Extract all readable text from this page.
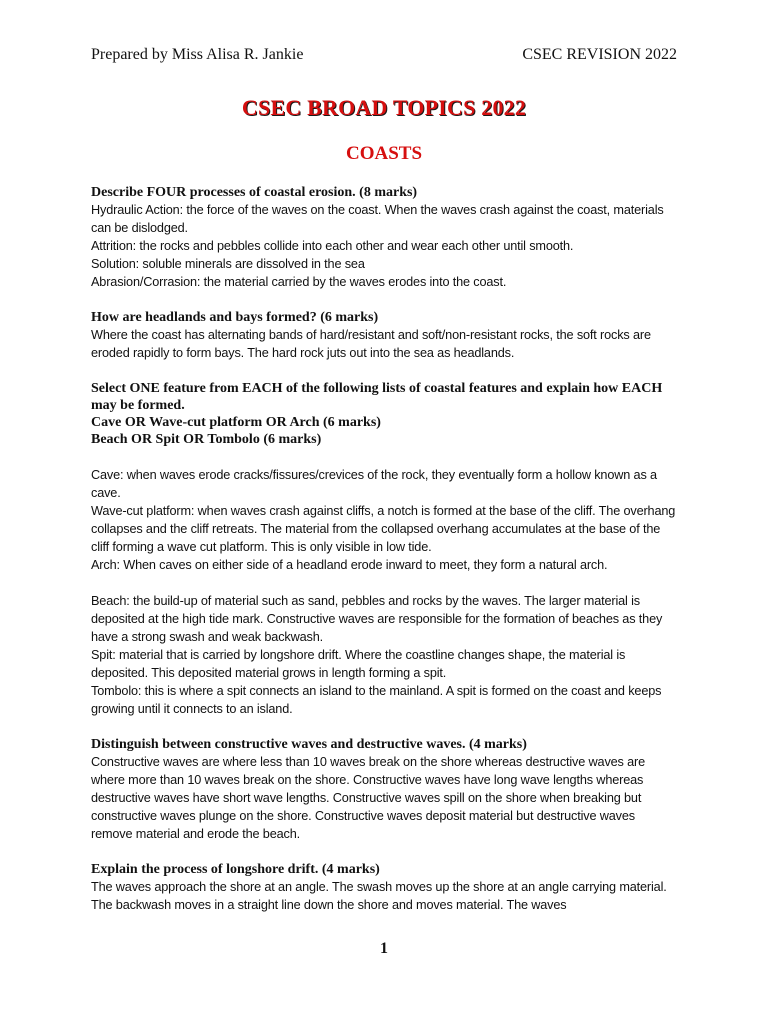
Prepared by Miss Alisa R. Jankie	CSEC REVISION 2022
CSEC BROAD TOPICS 2022
COASTS

Describe FOUR processes of coastal erosion. (8 marks)

Hydraulic Action: the force of the waves on the coast. When the waves crash against the coast, materials can be dislodged.

Attrition: the rocks and pebbles collide into each other and wear each other until smooth.

Solution: soluble minerals are dissolved in the sea

Abrasion/Corrasion: the material carried by the waves erodes into the coast.

How are headlands and bays formed? (6 marks)

Where the coast has alternating bands of hard/resistant and soft/non-resistant rocks, the soft rocks are eroded rapidly to form bays. The hard rock juts out into the sea as headlands.

Select ONE feature from EACH of the following lists of coastal features and explain how EACH may be formed.

Cave OR Wave-cut platform OR Arch (6 marks)

Beach OR Spit OR Tombolo (6 marks)

Cave: when waves erode cracks/fissures/crevices of the rock, they eventually form a hollow known as a cave.

Wave-cut platform: when waves crash against cliffs, a notch is formed at the base of the cliff. The overhang collapses and the cliff retreats. The material from the collapsed overhang accumulates at the base of the cliff forming a wave cut platform. This is only visible in low tide.

Arch: When caves on either side of a headland erode inward to meet, they form a natural arch.

Beach: the build-up of material such as sand, pebbles and rocks by the waves. The larger material is deposited at the high tide mark. Constructive waves are responsible for the formation of beaches as they have a strong swash and weak backwash.

Spit: material that is carried by longshore drift. Where the coastline changes shape, the material is deposited. This deposited material grows in length forming a spit.

Tombolo: this is where a spit connects an island to the mainland. A spit is formed on the coast and keeps growing until it connects to an island.

Distinguish between constructive waves and destructive waves. (4 marks)

Constructive waves are where less than 10 waves break on the shore whereas destructive waves are where more than 10 waves break on the shore. Constructive waves have long wave lengths whereas destructive waves have short wave lengths. Constructive waves spill on the shore when breaking but constructive waves plunge on the shore. Constructive waves deposit material but destructive waves remove material and erode the beach.

Explain the process of longshore drift. (4 marks)

The waves approach the shore at an angle. The swash moves up the shore at an angle carrying material. The backwash moves in a straight line down the shore and moves material. The waves

1
